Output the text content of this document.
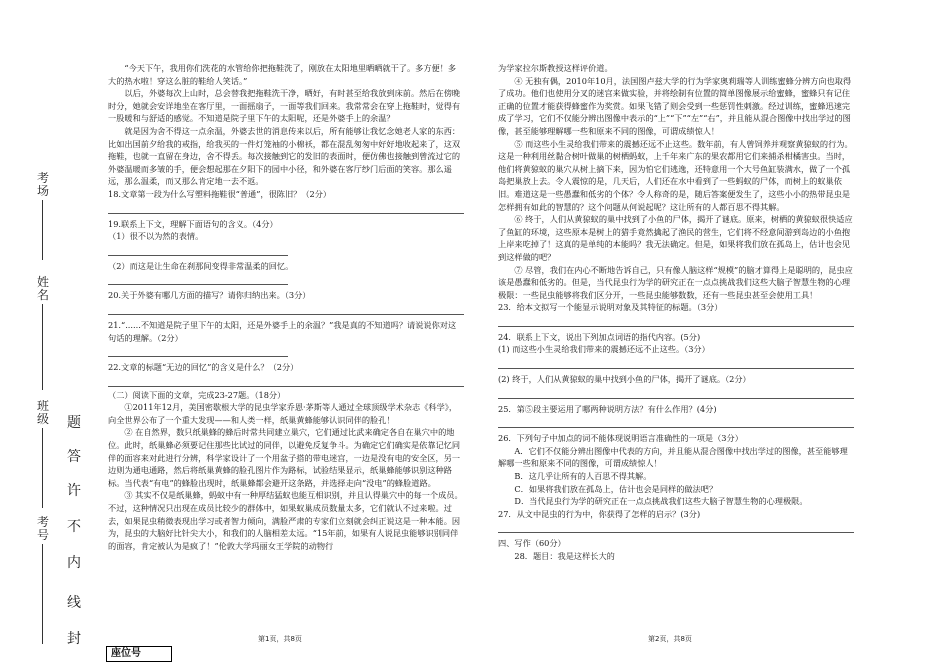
考场
姓名
班级
考号
题
答
许
不
内
线
封
座位号

“今天下午，我用你们洗花的水管给你把拖鞋洗了，刚放在太阳地里晒晒就干了。多方便！多大的热水啦！穿这么脏的鞋给人笑话。”

以后，外婆每次上山时，总会替我把拖鞋洗干净，晒好，有时甚至给我放到床前。然后在傍晚时分，她就会安详地坐在客厅里，一面摇扇子，一面等我们回来。我常常会在穿上拖鞋时，觉得有一股暖和与舒适的感觉。不知道是院子里下午的太阳呢，还是外婆手上的余温？

就是因为舍不得这一点余温，外婆去世的消息传来以后，所有能够让我忆念她老人家的东西：比如出国前夕给我的戒指，给我买的一件灯笼袖的小棉袄，都在混乱匆匆中好好地收起来了，这双拖鞋，也就一直留在身边，舍不得丢。每次接触到它的发旧的表面时，便仿佛也接触到曾流过它的外婆温暖而多皱的手，便会想起那在夕阳下的园中小径，和外婆在客厅纱门后面的笑容。那么遥远，那么温柔，而又那么肯定地一去不返。

18.文章第一段为什么写塑料拖鞋很“普通”，很陈旧？（2分）

19.联系上下文，理解下面语句的含义。（4分）

（1）很不以为然的表情。

（2）而这是让生命在刹那间变得非常温柔的回忆。

20.关于外婆有哪几方面的描写？请你归纳出来。（3分）

21.“......不知道是院子里下午的太阳，还是外婆手上的余温？”我是真的不知道吗？请说说你对这句话的理解。（2分）

22.文章的标题“无边的回忆”的含义是什么？（2分）

（二）阅读下面的文章，完成23-27题。（18分）

①2011年12月，美国密歇根大学的昆虫学家乔恩·茅斯等人通过全球顶级学术杂志《科学》，向全世界公布了一个重大发现——和人类一样，纸巢黄蜂能够认识同伴的脸孔！

② 在自然界，数只纸巢蜂的蜂后时常共同建立巢穴，它们通过比武来确定各自在巢穴中的地位。此时，纸巢蜂必须要记住那些比试过的同伴，以避免反复争斗。为确定它们确实是依靠记忆同伴的面容来对此进行分辨，科学家设计了一个用盆子搭的带电迷宫，一边是没有电的安全区，另一边则为通电通路，然后将纸巢黄蜂的脸孔图片作为路标，试验结果显示，纸巢蜂能够识别这种路标。当代表“有电”的蜂脸出现时，纸巢蜂都会避开这条路，并选择走向“没电”的蜂脸道路。

③ 其实不仅是纸巢蜂，蚂蚁中有一种厚结猛蚁也能互相识别，并且认得巢穴中的每一个成员。不过，这种情况只出现在成员比较少的群体中，如果蚁巢成员数量太多，它们就认不过来啦。过去，如果昆虫稍微表现出学习或者智力倾向，满脸严肃的专家们立刻就会纠正说这是一种本能。因为，昆虫的大脑好比针尖大小，和我们的人脑相差太远。“15年前，如果有人说昆虫能够识别同伴的面容，肯定被认为是疯了！”伦敦大学玛丽女王学院的动物行

为学家拉尔斯教授这样评价道。

④ 无独有偶，2010年10月，法国图卢兹大学的行为学家奥莉瑞等人训练蜜蜂分辨方向也取得了成功。他们也使用分叉的迷宫来做实验，并将绘制有位置的简单图像展示给蜜蜂，蜜蜂只有记住正确的位置才能获得蜂蜜作为奖赏。如果飞错了则会受到一些惩罚性刺激。经过训练，蜜蜂迅速完成了学习，它们不仅能分辨出图像中表示的“上”“下”“左”“右”，并且能从混合图像中找出学过的图像，甚至能够理解哪一些和原来不同的图像，可谓成绩惊人！

⑤ 而这些小生灵给我们带来的震撼还远不止这些。数年前，有人曾饲养并观察黄猄蚁的行为。这是一种利用丝黏合树叶做巢的树栖蚂蚁，上千年来广东的果农都用它们来捕杀柑橘害虫。当时，他们将黄猄蚁的巢穴从树上摘下来，因为怕它们逃逸，还特意用一个大号鱼缸装满水，做了一个孤岛把巢放上去。令人震惊的是，几天后，人们还在水中看到了一些蚂蚁的尸体，而树上的蚁巢依旧。难道这是一些愚蠢和低劣的个体？令人称奇的是，随后答案便发生了，这些小小的热带昆虫是怎样拥有如此的智慧的？这个问题从何说起呢？这让所有的人都百思不得其解。

⑥ 终于，人们从黄猄蚁的巢中找到了小鱼的尸体，揭开了谜底。原来，树栖的黄猄蚁很快适应了鱼缸的环境，这些原本是树上的猎手竟然擒起了渔民的营生，它们将不经意间游到岛边的小鱼抱上岸来吃掉了！这真的是单纯的本能吗？我无法确定。但是，如果将我们放在孤岛上，估计也会见到这样做的吧？

⑦ 尽管，我们在内心不断地告诉自己，只有像人脑这样“规模”的脑才算得上是聪明的，昆虫应该是愚蠢和低劣的。但是，当代昆虫行为学的研究正在一点点挑战我们这些大脑子智慧生物的心理极限：一些昆虫能够将我们区分开，一些昆虫能够数数，还有一些昆虫甚至会使用工具！

23．给本文拟写一个能显示说明对象及其特征的标题。（3分）

24．联系上下文，说出下列加点词语的指代内容。(5分)

(1) 而这些小生灵给我们带来的震撼还远不止这些。（3分）

(2) 终于，人们从黄猄蚁的巢中找到小鱼的尸体，揭开了谜底。（2分）

25．第⑤段主要运用了哪两种说明方法？有什么作用？(4分)

26．下列句子中加点的词不能体现说明语言准确性的一项是（3分）

A．它们不仅能分辨出图像中代表的方向，并且能从混合图像中找出学过的图像，甚至能够理解哪一些和原来不同的图像，可谓成绩惊人！

B．这几乎让所有的人百思不得其解。

C．如果将我们放在孤岛上，估计也会是同样的做法吧？

D．当代昆虫行为学的研究正在一点点挑战我们这些大脑子智慧生物的心理极限。

27．从文中昆虫的行为中，你获得了怎样的启示？(3分)

四、写作（60分）

28．题目：我是这样长大的

第1页，共8页	第2页，共8页
